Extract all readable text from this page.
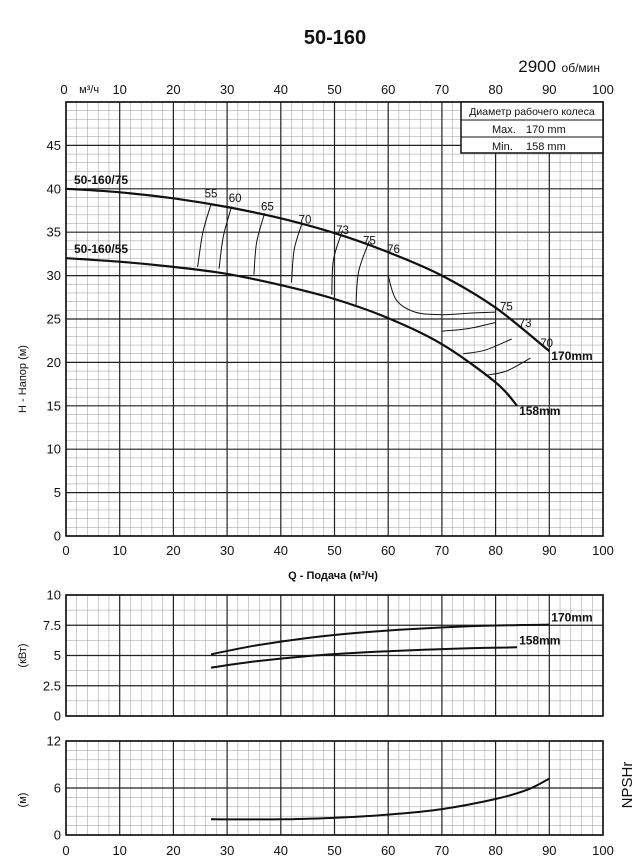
50-160
2900 об/мин
0
5
10
15
20
25
30
35
40
45
0	10	20	30	40	50	60	70	80	90	100
0	10	20	30	40	50	60	70	80	90	100
м³/ч
Q - Подача (м³/ч)
H - Напор (м)
55 60
65
70
73
75
76
75
73
70
170mm
50-160/75
158mm
50-160/55
0
2.5
5
7.5
10
(кВт)
170mm
158mm
0
6
12
0	10	20	30	40	50	60	70	80	90	100
(м)	NPSHr
Диаметр рабочего колеса
Max. 170 mm
Min. 158 mm
